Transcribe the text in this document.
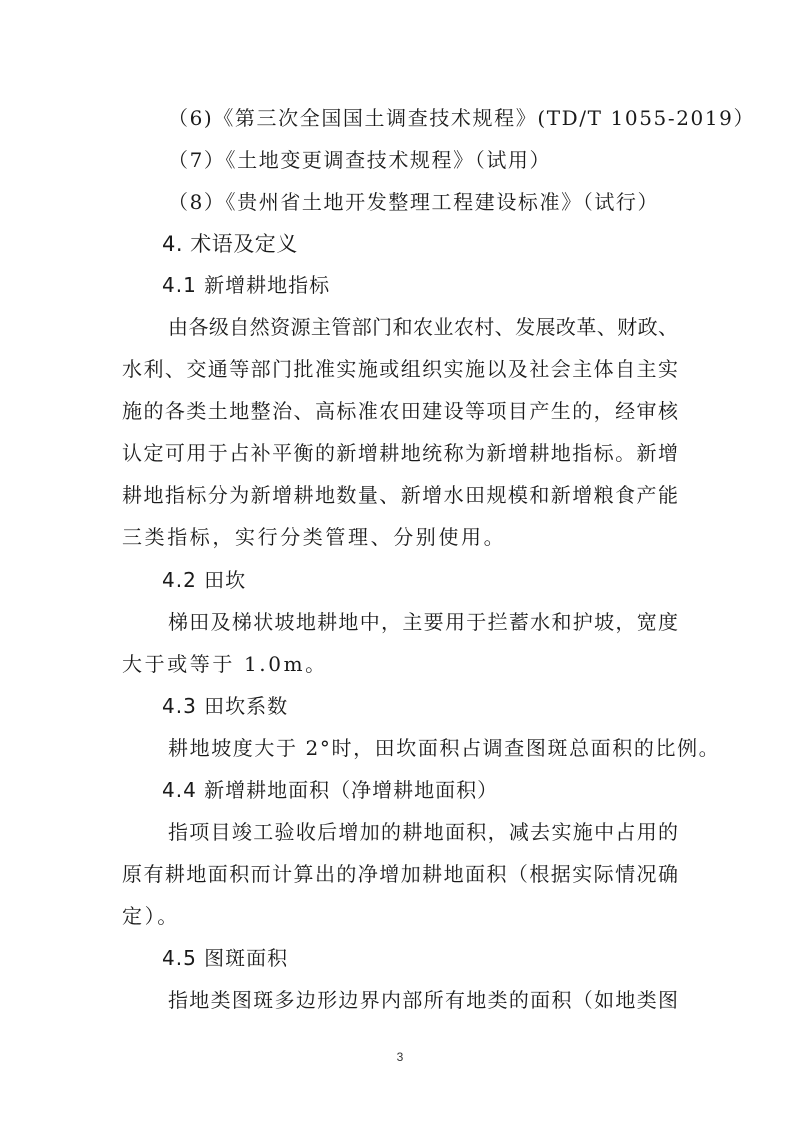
（6)《第三次全国国土调查技术规程》(TD/T 1055-2019）
（7）《土地变更调查技术规程》（试用）
（8）《贵州省土地开发整理工程建设标准》（试行）
4. 术语及定义
4.1 新增耕地指标
由各级自然资源主管部门和农业农村、发展改革、财政、
水利、交通等部门批准实施或组织实施以及社会主体自主实
施的各类土地整治、高标准农田建设等项目产生的，经审核
认定可用于占补平衡的新增耕地统称为新增耕地指标。新增
耕地指标分为新增耕地数量、新增水田规模和新增粮食产能
三类指标，实行分类管理、分别使用。
4.2 田坎
梯田及梯状坡地耕地中，主要用于拦蓄水和护坡，宽度
大于或等于 1.0m。
4.3 田坎系数
耕地坡度大于 2°时，田坎面积占调查图斑总面积的比例。
4.4 新增耕地面积（净增耕地面积）
指项目竣工验收后增加的耕地面积，减去实施中占用的
原有耕地面积而计算出的净增加耕地面积（根据实际情况确
定）。
4.5 图斑面积
指地类图斑多边形边界内部所有地类的面积（如地类图
3
